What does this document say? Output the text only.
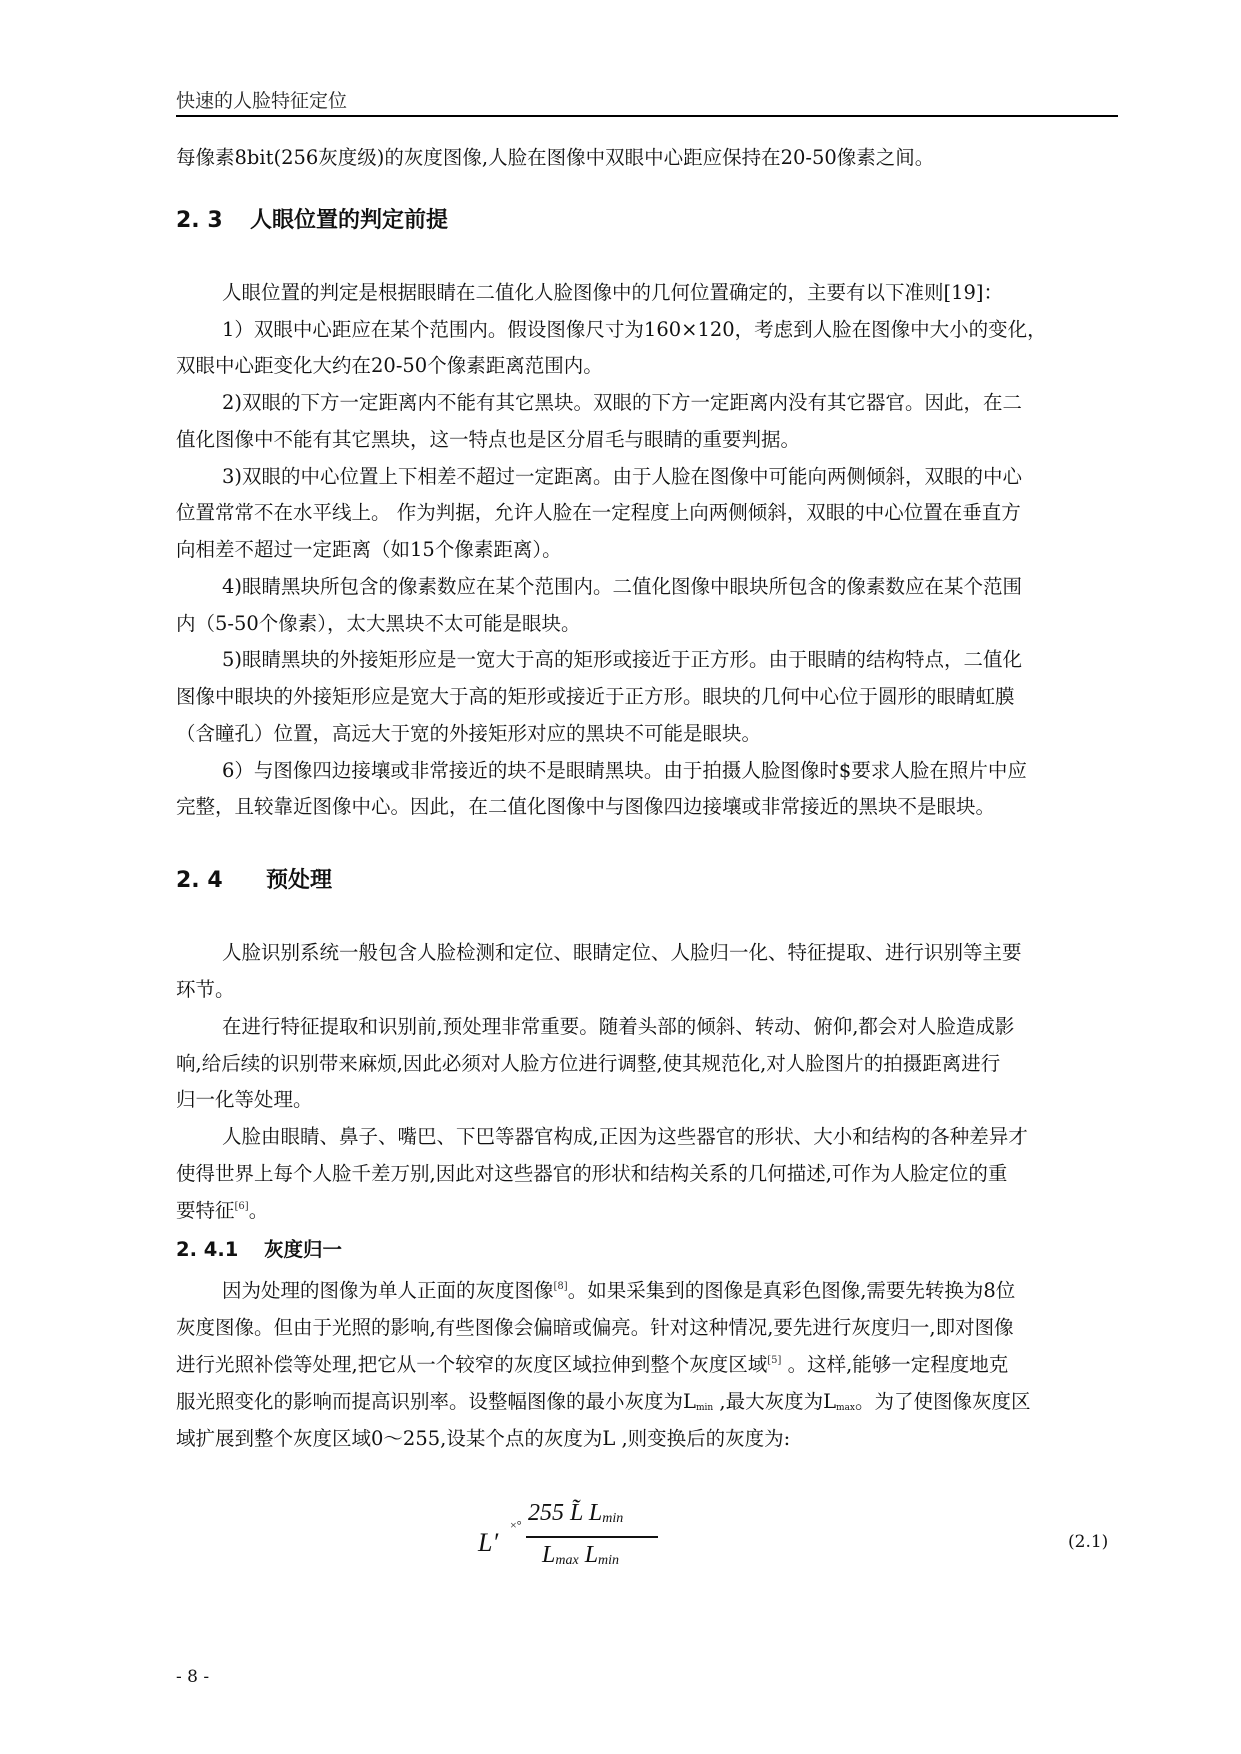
快速的人脸特征定位
每像素8bit(256灰度级)的灰度图像,人脸在图像中双眼中心距应保持在20-50像素之间。
2. 3 人眼位置的判定前提
人眼位置的判定是根据眼睛在二值化人脸图像中的几何位置确定的，主要有以下准则[19]：
1）双眼中心距应在某个范围内。假设图像尺寸为160×120，考虑到人脸在图像中大小的变化，
双眼中心距变化大约在20-50个像素距离范围内。
2)双眼的下方一定距离内不能有其它黑块。双眼的下方一定距离内没有其它器官。因此，在二
值化图像中不能有其它黑块，这一特点也是区分眉毛与眼睛的重要判据。
3)双眼的中心位置上下相差不超过一定距离。由于人脸在图像中可能向两侧倾斜，双眼的中心
位置常常不在水平线上。 作为判据，允许人脸在一定程度上向两侧倾斜，双眼的中心位置在垂直方
向相差不超过一定距离（如15个像素距离）。
4)眼睛黑块所包含的像素数应在某个范围内。二值化图像中眼块所包含的像素数应在某个范围
内（5-50个像素），太大黑块不太可能是眼块。
5)眼睛黑块的外接矩形应是一宽大于高的矩形或接近于正方形。由于眼睛的结构特点，二值化
图像中眼块的外接矩形应是宽大于高的矩形或接近于正方形。眼块的几何中心位于圆形的眼睛虹膜
（含瞳孔）位置，高远大于宽的外接矩形对应的黑块不可能是眼块。
6）与图像四边接壤或非常接近的块不是眼睛黑块。由于拍摄人脸图像时$要求人脸在照片中应
完整，且较靠近图像中心。因此，在二值化图像中与图像四边接壤或非常接近的黑块不是眼块。
2. 4 预处理
人脸识别系统一般包含人脸检测和定位、眼睛定位、人脸归一化、特征提取、进行识别等主要
环节。
在进行特征提取和识别前,预处理非常重要。随着头部的倾斜、转动、俯仰,都会对人脸造成影
响,给后续的识别带来麻烦,因此必须对人脸方位进行调整,使其规范化,对人脸图片的拍摄距离进行
归一化等处理。
人脸由眼睛、鼻子、嘴巴、下巴等器官构成,正因为这些器官的形状、大小和结构的各种差异才
使得世界上每个人脸千差万别,因此对这些器官的形状和结构关系的几何描述,可作为人脸定位的重
要特征[6]。
2. 4.1 灰度归一
因为处理的图像为单人正面的灰度图像[8]。如果采集到的图像是真彩色图像,需要先转换为8位
灰度图像。但由于光照的影响,有些图像会偏暗或偏亮。针对这种情况,要先进行灰度归一,即对图像
进行光照补偿等处理,把它从一个较窄的灰度区域拉伸到整个灰度区域[5] 。这样,能够一定程度地克
服光照变化的影响而提高识别率。设整幅图像的最小灰度为$L_{min}$ ,最大灰度为$L_{max}$。为了使图像灰度区
域扩展到整个灰度区域0～255,设某个点的灰度为L ,则变换后的灰度为:
L′
×° 255 L̃ $L_{min}$
$L_{max}$ $L_{min}$
(2.1)
- 8 -
